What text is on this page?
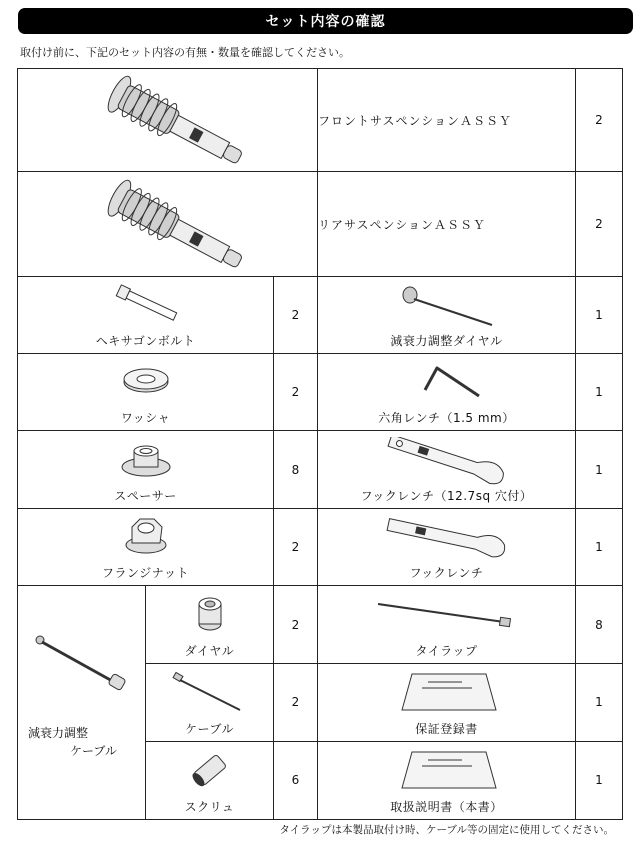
セット内容の確認
取付け前に、下記のセット内容の有無・数量を確認してください。
	フロントサスペンションＡＳＳＹ	2

	リアサスペンションＡＳＳＹ	2

ヘキサゴンボルト		2	減衰力調整ダイヤル	1

ワッシャ		2	六角レンチ（1.5 mm）	1

スペーサー		8	フックレンチ（12.7sq 穴付）	1

フランジナット		2	フックレンチ	1

減衰力調整
ケーブル	ダイヤル	2	タイラップ	8

	ケーブル	2	保証登録書	1

	スクリュ	6	取扱説明書（本書）	1
タイラップは本製品取付け時、ケーブル等の固定に使用してください。
